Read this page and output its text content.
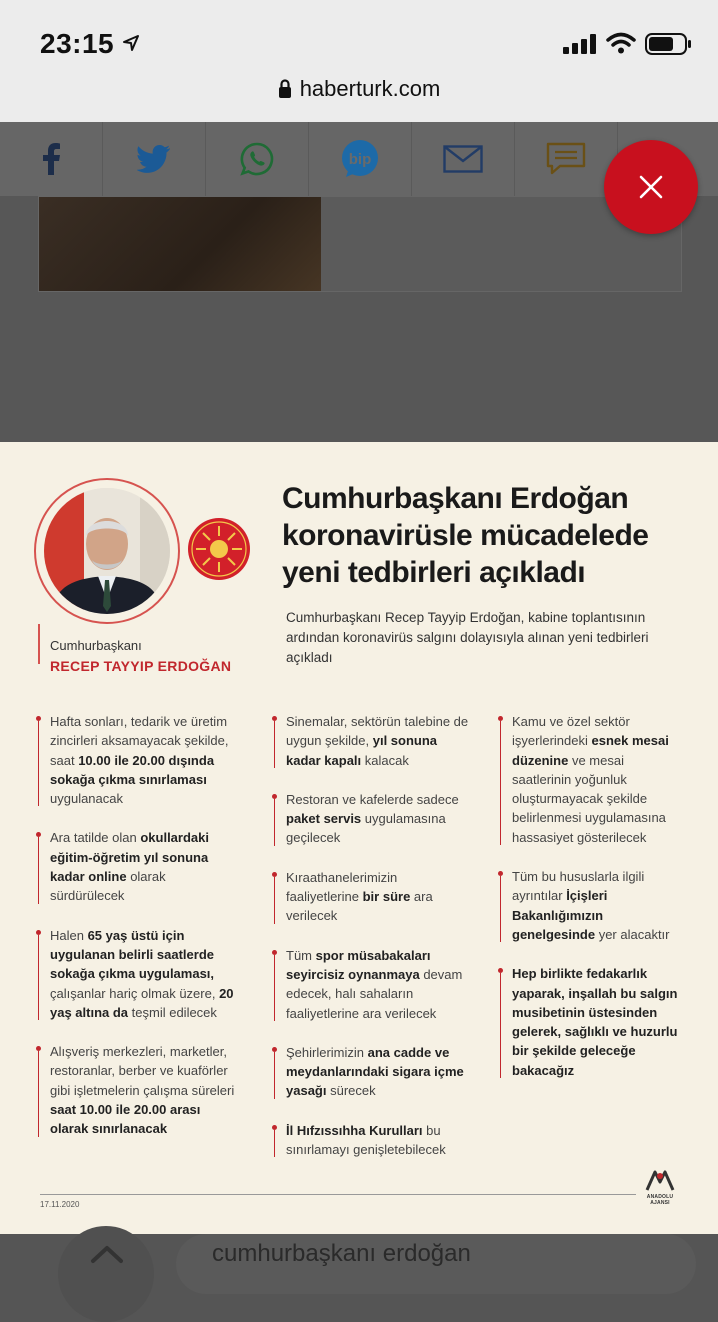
23:15
haberturk.com
bip
Cumhurbaşkanı
RECEP TAYYIP ERDOĞAN
Cumhurbaşkanı Erdoğan
koronavirüsle mücadelede
yeni tedbirleri açıkladı
Cumhurbaşkanı Recep Tayyip Erdoğan, kabine toplantısının ardından koronavirüs salgını dolayısıyla alınan yeni tedbirleri açıkladı
Hafta sonları, tedarik ve üretim zincirleri aksamayacak şekilde, saat 10.00 ile 20.00 dışında sokağa çıkma sınırlaması uygulanacak
Ara tatilde olan okullardaki eğitim-öğretim yıl sonuna kadar online olarak sürdürülecek
Halen 65 yaş üstü için uygulanan belirli saatlerde sokağa çıkma uygulaması, çalışanlar hariç olmak üzere, 20 yaş altına da teşmil edilecek
Alışveriş merkezleri, marketler, restoranlar, berber ve kuaförler gibi işletmelerin çalışma süreleri saat 10.00 ile 20.00 arası olarak sınırlanacak
Sinemalar, sektörün talebine de uygun şekilde, yıl sonuna kadar kapalı kalacak
Restoran ve kafelerde sadece paket servis uygulamasına geçilecek
Kıraathanelerimizin faaliyetlerine bir süre ara verilecek
Tüm spor müsabakaları seyircisiz oynanmaya devam edecek, halı sahaların faaliyetlerine ara verilecek
Şehirlerimizin ana cadde ve meydanlarındaki sigara içme yasağı sürecek
İl Hıfzıssıhha Kurulları bu sınırlamayı genişletebilecek
Kamu ve özel sektör işyerlerindeki esnek mesai düzenine ve mesai saatlerinin yoğunluk oluşturmayacak şekilde belirlenmesi uygulamasına hassasiyet gösterilecek
Tüm bu hususlarla ilgili ayrıntılar İçişleri Bakanlığımızın genelgesinde yer alacaktır
Hep birlikte fedakarlık yaparak, inşallah bu salgın musibetinin üstesinden gelerek, sağlıklı ve huzurlu bir şekilde geleceğe bakacağız
17.11.2020
ANADOLU AJANSI
cumhurbaşkanı erdoğan
